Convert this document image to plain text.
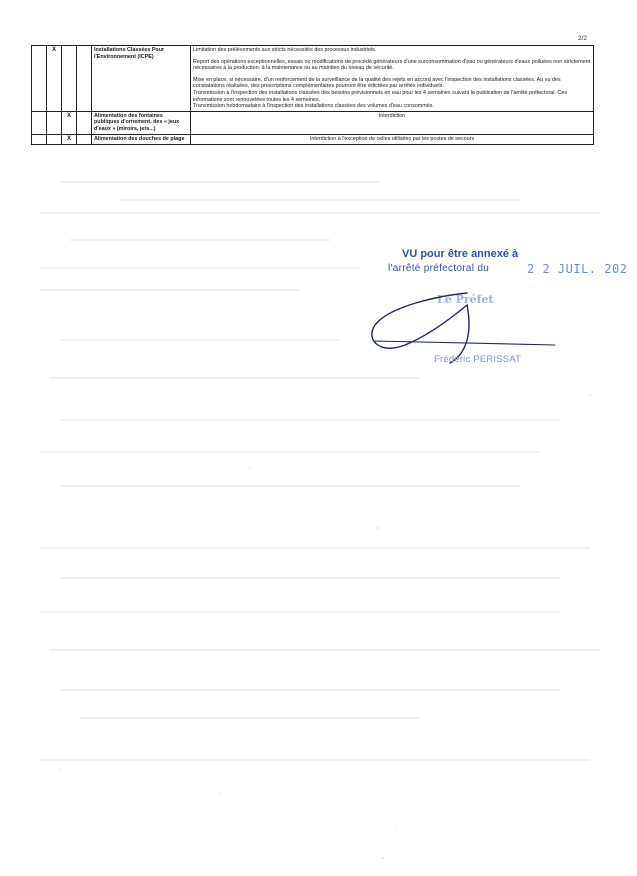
2/2
	X			Installations Classées Pour l'Environnement (ICPE)	Limitation des prélèvements aux stricts nécessités des processus industriels.
Report des opérations exceptionnelles, essais ou modifications de procédé générateurs d'une surconsommation d'eau ou générateurs d'eaux polluées non strictement nécessaires à la production, à la maintenance ou au maintien du niveau de sécurité.
Mise en place, si nécessaire, d'un renforcement de la surveillance de la qualité des rejets en accord avec l'inspection des installations classées. Au vu des constatations réalisées, des prescriptions complémentaires pourront être édictées par arrêtés individuels.
Transmission à l'inspection des installations classées des besoins prévisionnels en eau pour les 4 semaines suivant la publication de l'arrêté préfectoral. Ces informations sont renouvelées toutes les 4 semaines.
Transmission hebdomadaire à l'inspection des installations classées des volumes d'eau consommés.

		X		Alimentation des fontaines publiques d'ornement, des « jeux d'eaux » (miroirs, jets...)	Interdiction
		X		Alimentation des douches de plage	Interdiction à l'exception de celles utilisées par les postes de secours
VU pour être annexé à
l'arrêté préfectoral du	2 2 JUIL. 202
Le Préfet
Frédéric PERISSAT
